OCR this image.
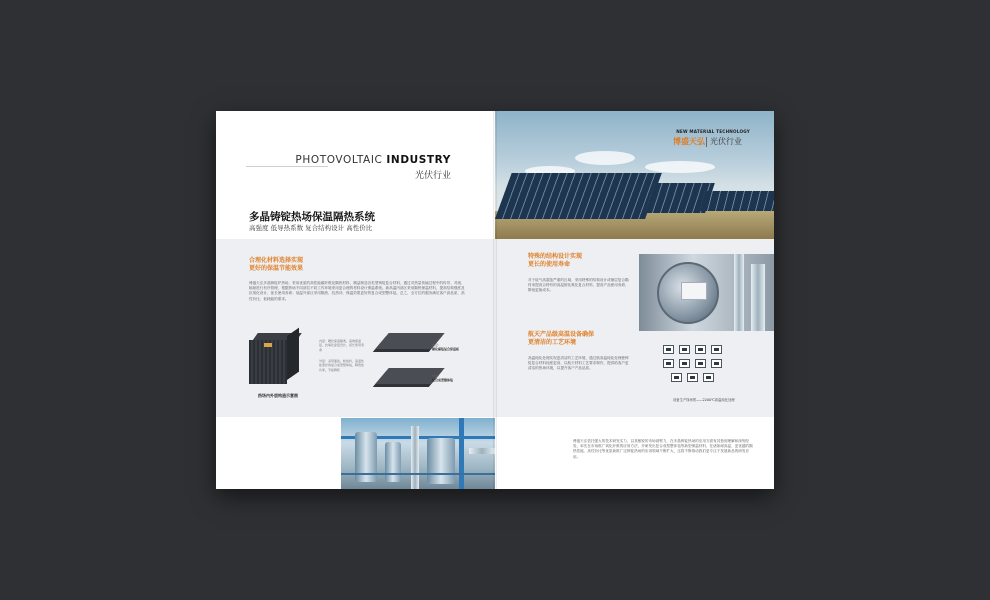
PHOTOVOLTAIC INDUSTRY
光伏行业
多晶铸锭热场保温隔热系统
高强度 低导热系数 复合结构设计 高性价比
合理化材料选择实现
更好的保温节能效果
博盛天弘多晶铸锭炉热场，采用优质的高性能碳纤维及隔热材料，精益制造各类型铸锭复合材料，通过对热量传输过程中的传导、对流、辐射进行有序管理，根据热场不同部位不同工作环境采用更合理的材料设计保温系统。新高温内部区采用隔热保温材料，提高结构强度及抗氧化设计，延长使用寿命；低温外部区采用隔热、抗热冲、保温效果更好的复合成型整体毡。总之，全方位的服务满足客户高品质、高性价比、低耗能的需求。
内层：硬化保温隔离，高效保温层，抗氧化涂层设计，延长使用寿命
外层：采用面毡，软毡料，高温性能更好的复合成型整体毡，降低热功率，节能降耗
热场内外层构造示意图
内层：
硬化碳毡复合保温板
外层：
复合成型整体毡
NEW MATERIAL TECHNOLOGY
博盛天弘 光伏行业
特殊的结构设计实现
更长的使用寿命
对于硅气高腐蚀严重的区域，采用特殊的结构设计或铺层复合隔材来提高合特有的高温固化氮化复合材料，提高产品使用寿命，降低更换成本。
航天产品级高温设备确保
更清洁的工艺环境
高温纯化处理实现更清洁的工艺环境，通过航高温纯化处理使铸锭复合材料纯度更高，以航天材料工艺要求制作，提供给客户更清洁的热场环境，以提升客户产品品质。
设备生产线场景——2200℃高温纯化处理
博盛天弘依托强大的技术研发实力，以其敏锐的市场洞察力，在多晶铸锭热场的应用方面有其独到理解和深刻经验，率先在市场推广氧化纤维的应用方法，开研发出复合成型整体毡等新型保温材料，在诸如耐高温、更优越的隔热性能、高性价比等优质新推广这铸锭热场的应用领域不断扩大，这将不断推动我们更专注于发展新品的研发应用。
